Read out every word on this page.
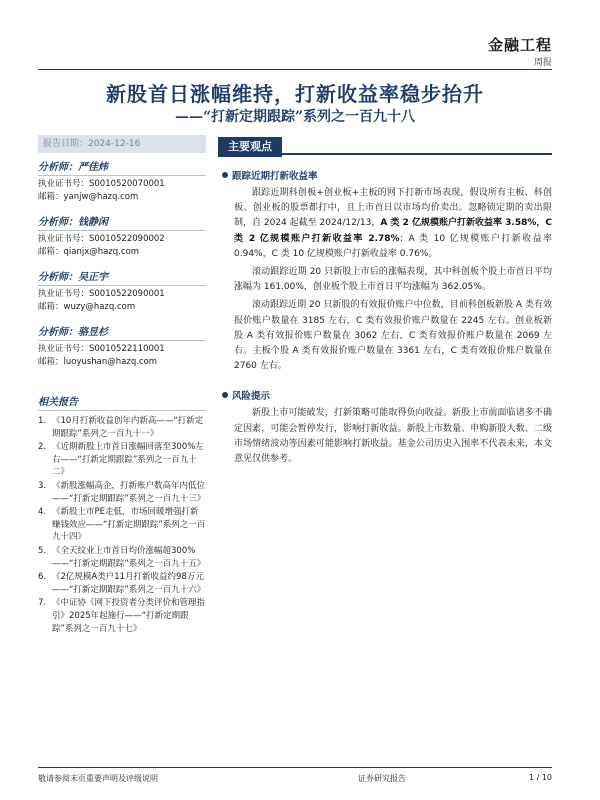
金融工程
周报
新股首日涨幅维持，打新收益率稳步抬升
——“打新定期跟踪”系列之一百九十八
报告日期：2024-12-16	主要观点
分析师：严佳炜
执业证书号：S0010520070001
邮箱：yanjw@hazq.com
分析师：钱静闲
执业证书号：S0010522090002
邮箱：qianjx@hazq.com
分析师：吴正宇
执业证书号：S0010522090001
邮箱：wuzy@hazq.com
分析师：骆昱杉
执业证书号：S0010522110001
邮箱：luoyushan@hazq.com
相关报告
1. 《10月打新收益创年内新高——“打新定期跟踪”系列之一百九十一》
2. 《近期新股上市首日涨幅回落至300%左右——“打新定期跟踪”系列之一百九十二》
3. 《新股涨幅高企，打新账户数高年内低位——“打新定期跟踪”系列之一百九十三》
4. 《新股上市PE走低，市场回暖增强打新赚钱效应——“打新定期跟踪”系列之一百九十四》
5. 《全天纹业上市首日均价涨幅超300%——“打新定期跟踪”系列之一百九十五》
6. 《2亿规模A类户11月打新收益约98万元——“打新定期跟踪”系列之一百九十六》
7. 《中证协《网下投资者分类评价和管理指引》2025年起施行——“打新定期跟踪”系列之一百九十七》
跟踪近期打新收益率

跟踪近期科创板+创业板+主板的网下打新市场表现，假设所有主板、科创板、创业板的股票都打中，且上市首日以市场均价卖出。忽略锁定期的卖出限制，自 2024 起截至 2024/12/13，A 类 2 亿规模账户打新收益率 3.58%，C 类 2 亿规模账户打新收益率 2.78%；A 类 10 亿规模账户打新收益率 0.94%，C 类 10 亿规模账户打新收益率 0.76%。

滚动跟踪近期 20 只新股上市后的涨幅表现，其中科创板个股上市首日平均涨幅为 161.00%，创业板个股上市首日平均涨幅为 362.05%。

滚动跟踪近期 20 只新股的有效报价账户中位数，目前科创板新股 A 类有效报价账户数量在 3185 左右，C 类有效报价账户数量在 2245 左右。创业板新股 A 类有效报价账户数量在 3062 左右，C 类有效报价账户数量在 2069 左右。主板个股 A 类有效报价账户数量在 3361 左右，C 类有效报价账户数量在 2760 左右。

风险提示

新股上市可能破发，打新策略可能取得负向收益。新股上市前面临诸多不确定因素，可能会暂停发行，影响打新收益。新股上市数量、申购新股人数、二级市场情绪波动等因素可能影响打新收益。基金公司历史入围率不代表未来，本文意见仅供参考。

敬请参阅末页重要声明及评级说明	证券研究报告	1 / 10
